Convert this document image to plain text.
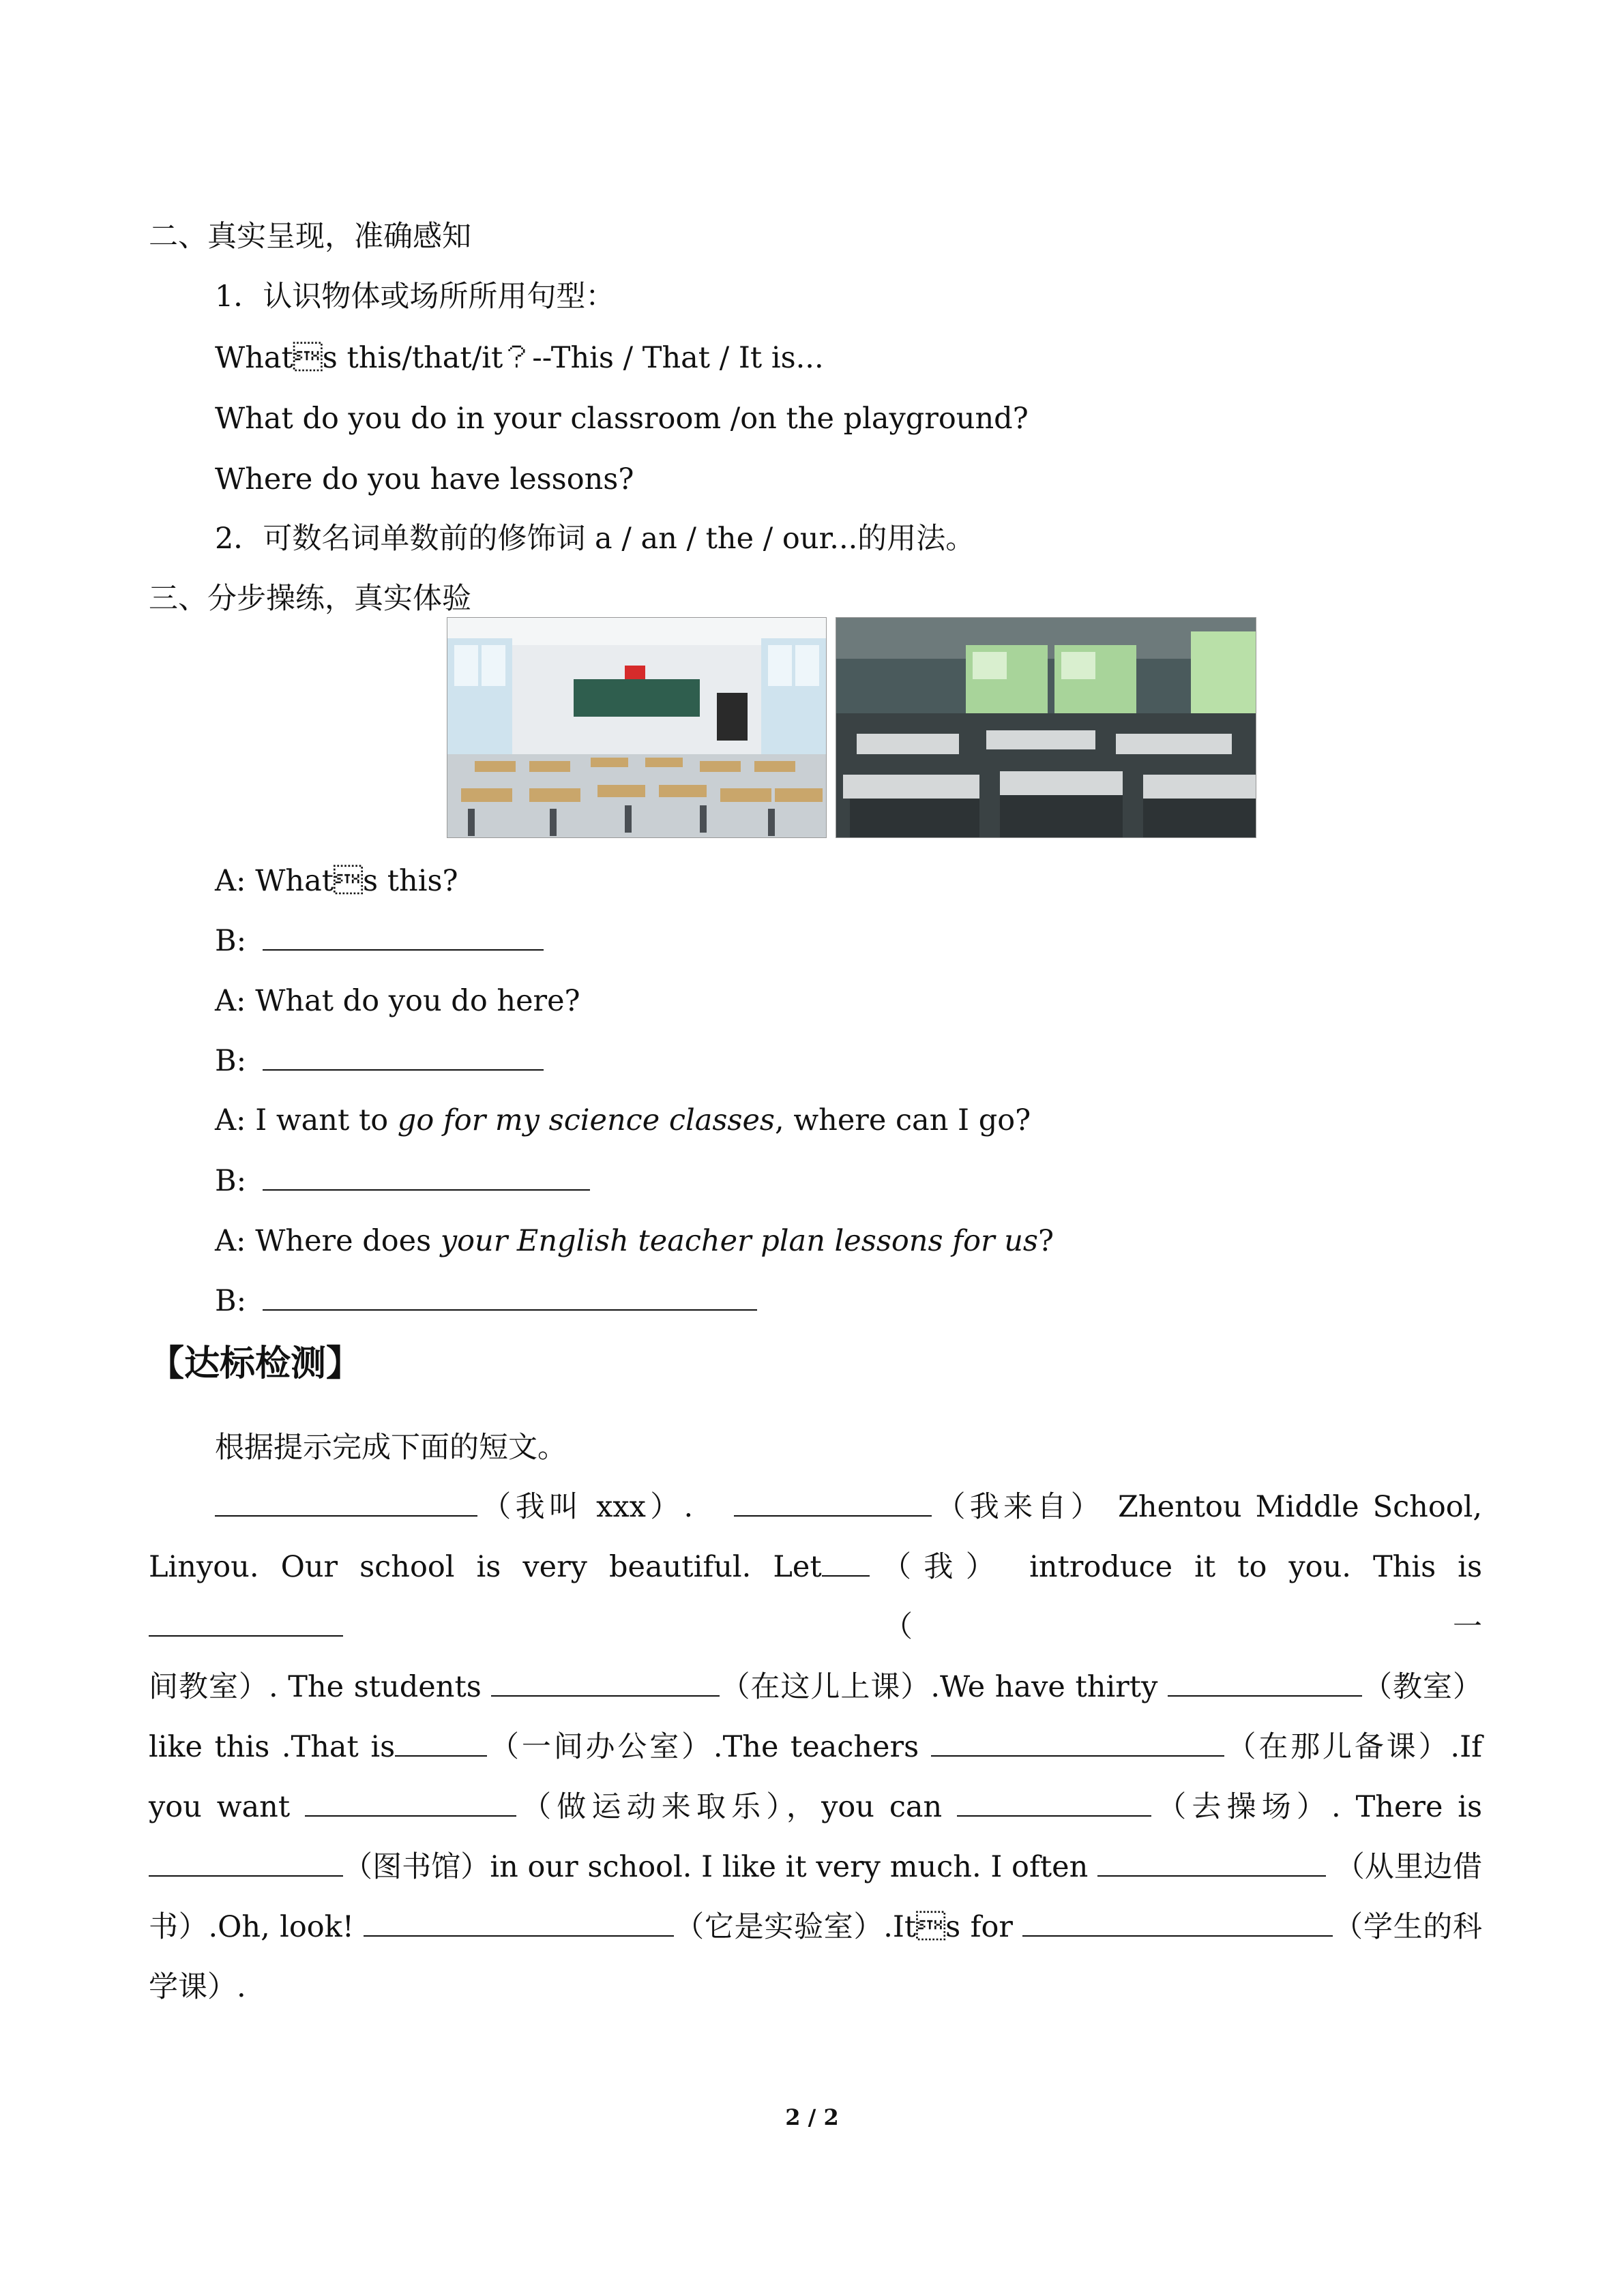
二、真实呈现，准确感知
1．认识物体或场所所用句型：
Whats this/that/it？--This / That / It is...
What do you do in your classroom /on the playground?
Where do you have lessons?
2．可数名词单数前的修饰词 a / an / the / our...的用法。
三、分步操练，真实体验
A: Whats this?
B:
A: What do you do here?
B:
A: I want to go for my science classes, where can I go?
B:
A: Where does your English teacher plan lessons for us?
B:
【达标检测】
根据提示完成下面的短文。
（我叫 xxx）.	（我来自） Zhentou Middle School,
Linyou. Our school is very beautiful. Let （我） introduce it to you. This is （一
间教室）. The students	（在这儿上课）.We have thirty	（教室）
like this .That is	（一间办公室）.The teachers	（在那儿备课）.If
you want	（做运动来取乐），you can	（去操场）. There is
（图书馆）in our school. I like it very much. I often	（从里边借
书）.Oh, look!	（它是实验室）.Its for	（学生的科
学课）.
2 / 2
